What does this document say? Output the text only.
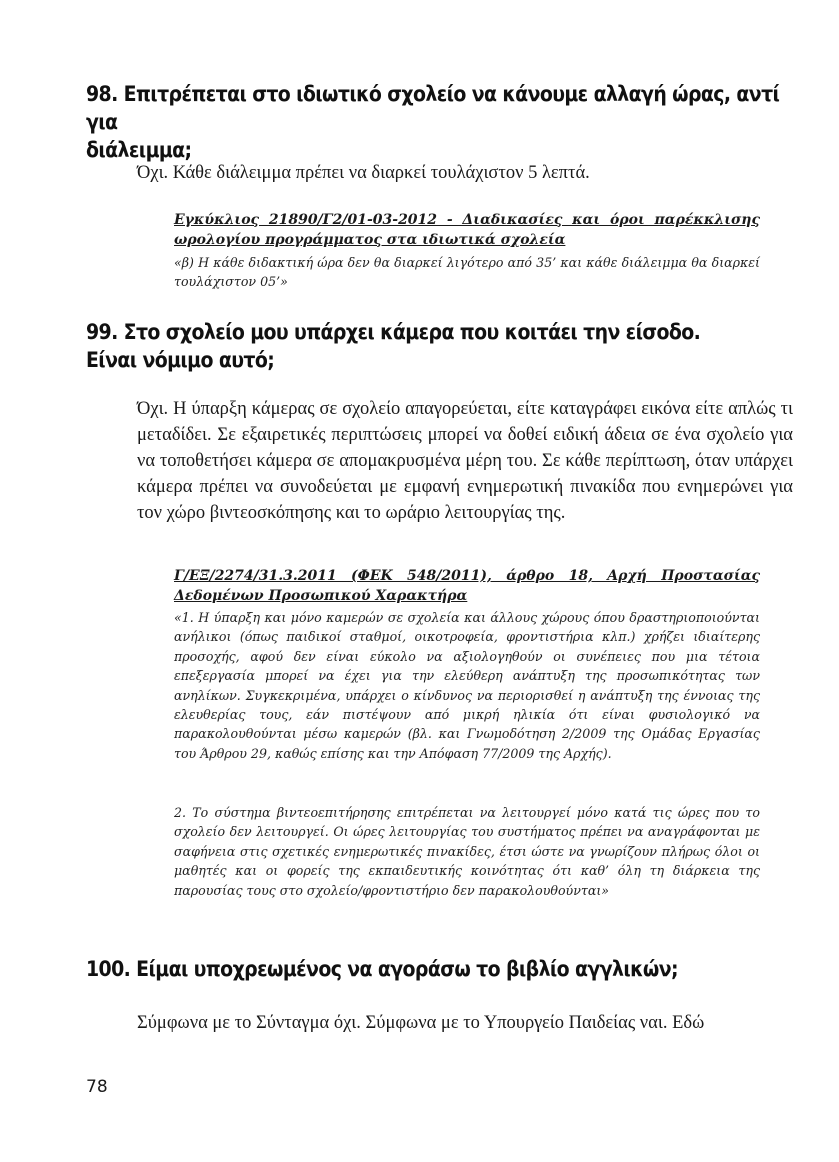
98. Επιτρέπεται στο ιδιωτικό σχολείο να κάνουμε αλλαγή ώρας, αντί για
διάλειμμα;

Όχι. Κάθε διάλειμμα πρέπει να διαρκεί τουλάχιστον 5 λεπτά.

Εγκύκλιος 21890/Γ2/01-03-2012 - Διαδικασίες και όροι παρέκκλισης ωρολογίου προγράμματος στα ιδιωτικά σχολεία

«β) Η κάθε διδακτική ώρα δεν θα διαρκεί λιγότερο από 35’ και κάθε διάλειμμα θα διαρκεί τουλάχιστον 05’»

99. Στο σχολείο μου υπάρχει κάμερα που κοιτάει την είσοδο.
Είναι νόμιμο αυτό;

Όχι. Η ύπαρξη κάμερας σε σχολείο απαγορεύεται, είτε καταγράφει εικόνα είτε απλώς τι μεταδίδει. Σε εξαιρετικές περιπτώσεις μπορεί να δοθεί ειδική άδεια σε ένα σχολείο για να τοποθετήσει κάμερα σε απομακρυσμένα μέρη του. Σε κάθε περίπτωση, όταν υπάρχει κάμερα πρέπει να συνοδεύεται με εμφανή ενημερωτική πινακίδα που ενημερώνει για τον χώρο βιντεοσκόπησης και το ωράριο λειτουργίας της.

Γ/ΕΞ/2274/31.3.2011 (ΦΕΚ 548/2011), άρθρο 18, Αρχή Προστασίας Δεδομένων Προσωπικού Χαρακτήρα

«1. Η ύπαρξη και μόνο καμερών σε σχολεία και άλλους χώρους όπου δραστηριοποιούνται ανήλικοι (όπως παιδικοί σταθμοί, οικοτροφεία, φροντιστήρια κλπ.) χρήζει ιδιαίτερης προσοχής, αφού δεν είναι εύκολο να αξιολογηθούν οι συνέπειες που μια τέτοια επεξεργασία μπορεί να έχει για την ελεύθερη ανάπτυξη της προσωπικότητας των ανηλίκων. Συγκεκριμένα, υπάρχει ο κίνδυνος να περιορισθεί η ανάπτυξη της έννοιας της ελευθερίας τους, εάν πιστέψουν από μικρή ηλικία ότι είναι φυσιολογικό να παρακολουθούνται μέσω καμερών (βλ. και Γνωμοδότηση 2/2009 της Ομάδας Εργασίας του Άρθρου 29, καθώς επίσης και την Απόφαση 77/2009 της Αρχής).

2. Το σύστημα βιντεοεπιτήρησης επιτρέπεται να λειτουργεί μόνο κατά τις ώρες που το σχολείο δεν λειτουργεί. Οι ώρες λειτουργίας του συστήματος πρέπει να αναγράφονται με σαφήνεια στις σχετικές ενημερωτικές πινακίδες, έτσι ώστε να γνωρίζουν πλήρως όλοι οι μαθητές και οι φορείς της εκπαιδευτικής κοινότητας ότι καθ’ όλη τη διάρκεια της παρουσίας τους στο σχολείο/φροντιστήριο δεν παρακολουθούνται»

100. Είμαι υποχρεωμένος να αγοράσω το βιβλίο αγγλικών;

Σύμφωνα με το Σύνταγμα όχι. Σύμφωνα με το Υπουργείο Παιδείας ναι. Εδώ

78
